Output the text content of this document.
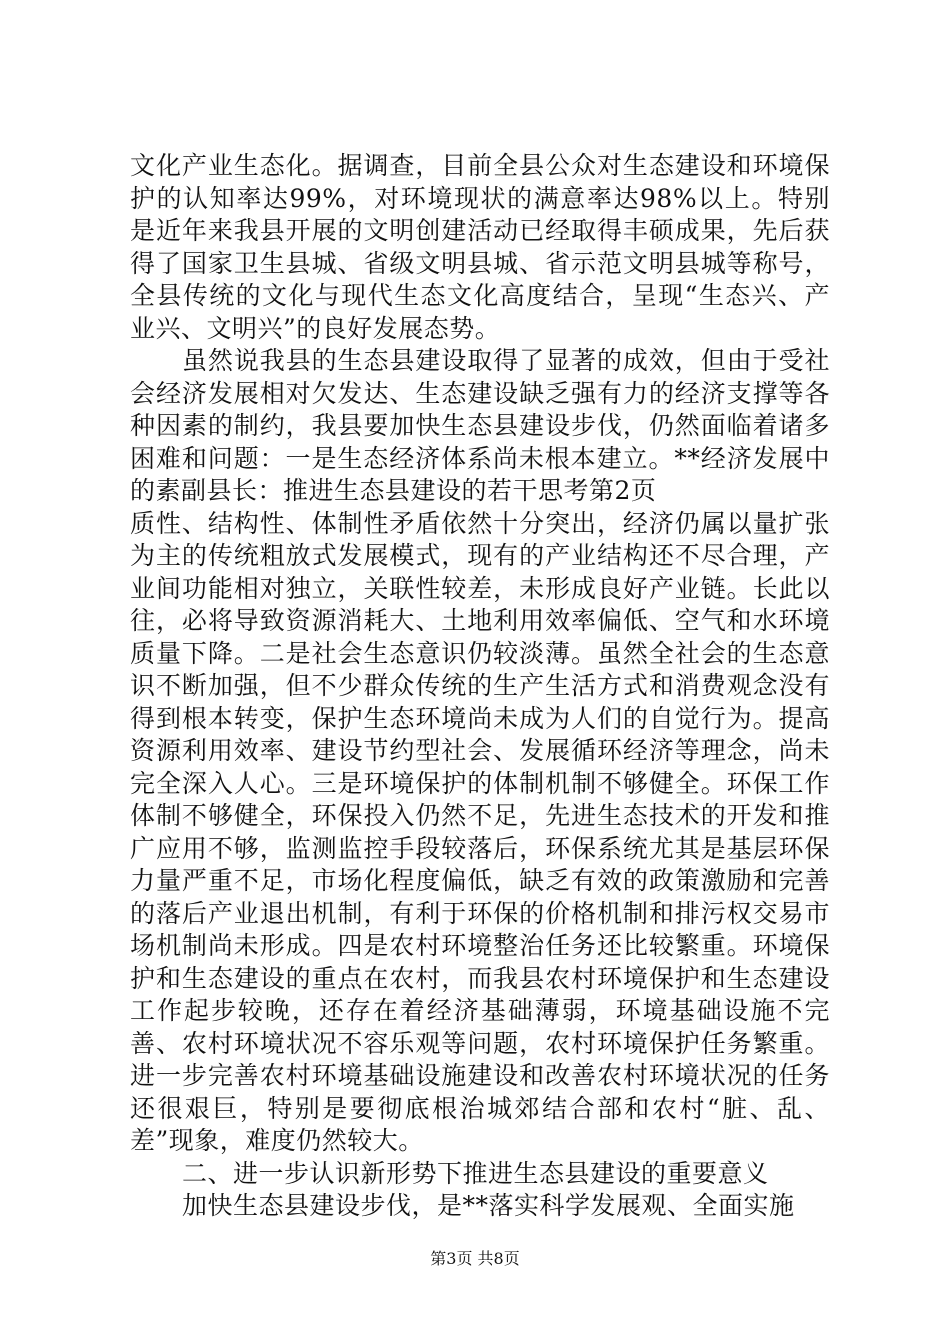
文化产业生态化。据调查，目前全县公众对生态建设和环境保护的认知率达99%，对环境现状的满意率达98%以上。特别是近年来我县开展的文明创建活动已经取得丰硕成果，先后获得了国家卫生县城、省级文明县城、省示范文明县城等称号，全县传统的文化与现代生态文化高度结合，呈现“生态兴、产业兴、文明兴”的良好发展态势。

虽然说我县的生态县建设取得了显著的成效，但由于受社会经济发展相对欠发达、生态建设缺乏强有力的经济支撑等各种因素的制约，我县要加快生态县建设步伐，仍然面临着诸多困难和问题：一是生态经济体系尚未根本建立。**经济发展中的素副县长：推进生态县建设的若干思考第2页

质性、结构性、体制性矛盾依然十分突出，经济仍属以量扩张为主的传统粗放式发展模式，现有的产业结构还不尽合理，产业间功能相对独立，关联性较差，未形成良好产业链。长此以往，必将导致资源消耗大、土地利用效率偏低、空气和水环境质量下降。二是社会生态意识仍较淡薄。虽然全社会的生态意识不断加强，但不少群众传统的生产生活方式和消费观念没有得到根本转变，保护生态环境尚未成为人们的自觉行为。提高资源利用效率、建设节约型社会、发展循环经济等理念，尚未完全深入人心。三是环境保护的体制机制不够健全。环保工作体制不够健全，环保投入仍然不足，先进生态技术的开发和推广应用不够，监测监控手段较落后，环保系统尤其是基层环保力量严重不足，市场化程度偏低，缺乏有效的政策激励和完善的落后产业退出机制，有利于环保的价格机制和排污权交易市场机制尚未形成。四是农村环境整治任务还比较繁重。环境保护和生态建设的重点在农村，而我县农村环境保护和生态建设工作起步较晚，还存在着经济基础薄弱，环境基础设施不完善、农村环境状况不容乐观等问题，农村环境保护任务繁重。进一步完善农村环境基础设施建设和改善农村环境状况的任务还很艰巨，特别是要彻底根治城郊结合部和农村“脏、乱、差”现象，难度仍然较大。

二、进一步认识新形势下推进生态县建设的重要意义

加快生态县建设步伐，是**落实科学发展观、全面实施

第3页 共8页
